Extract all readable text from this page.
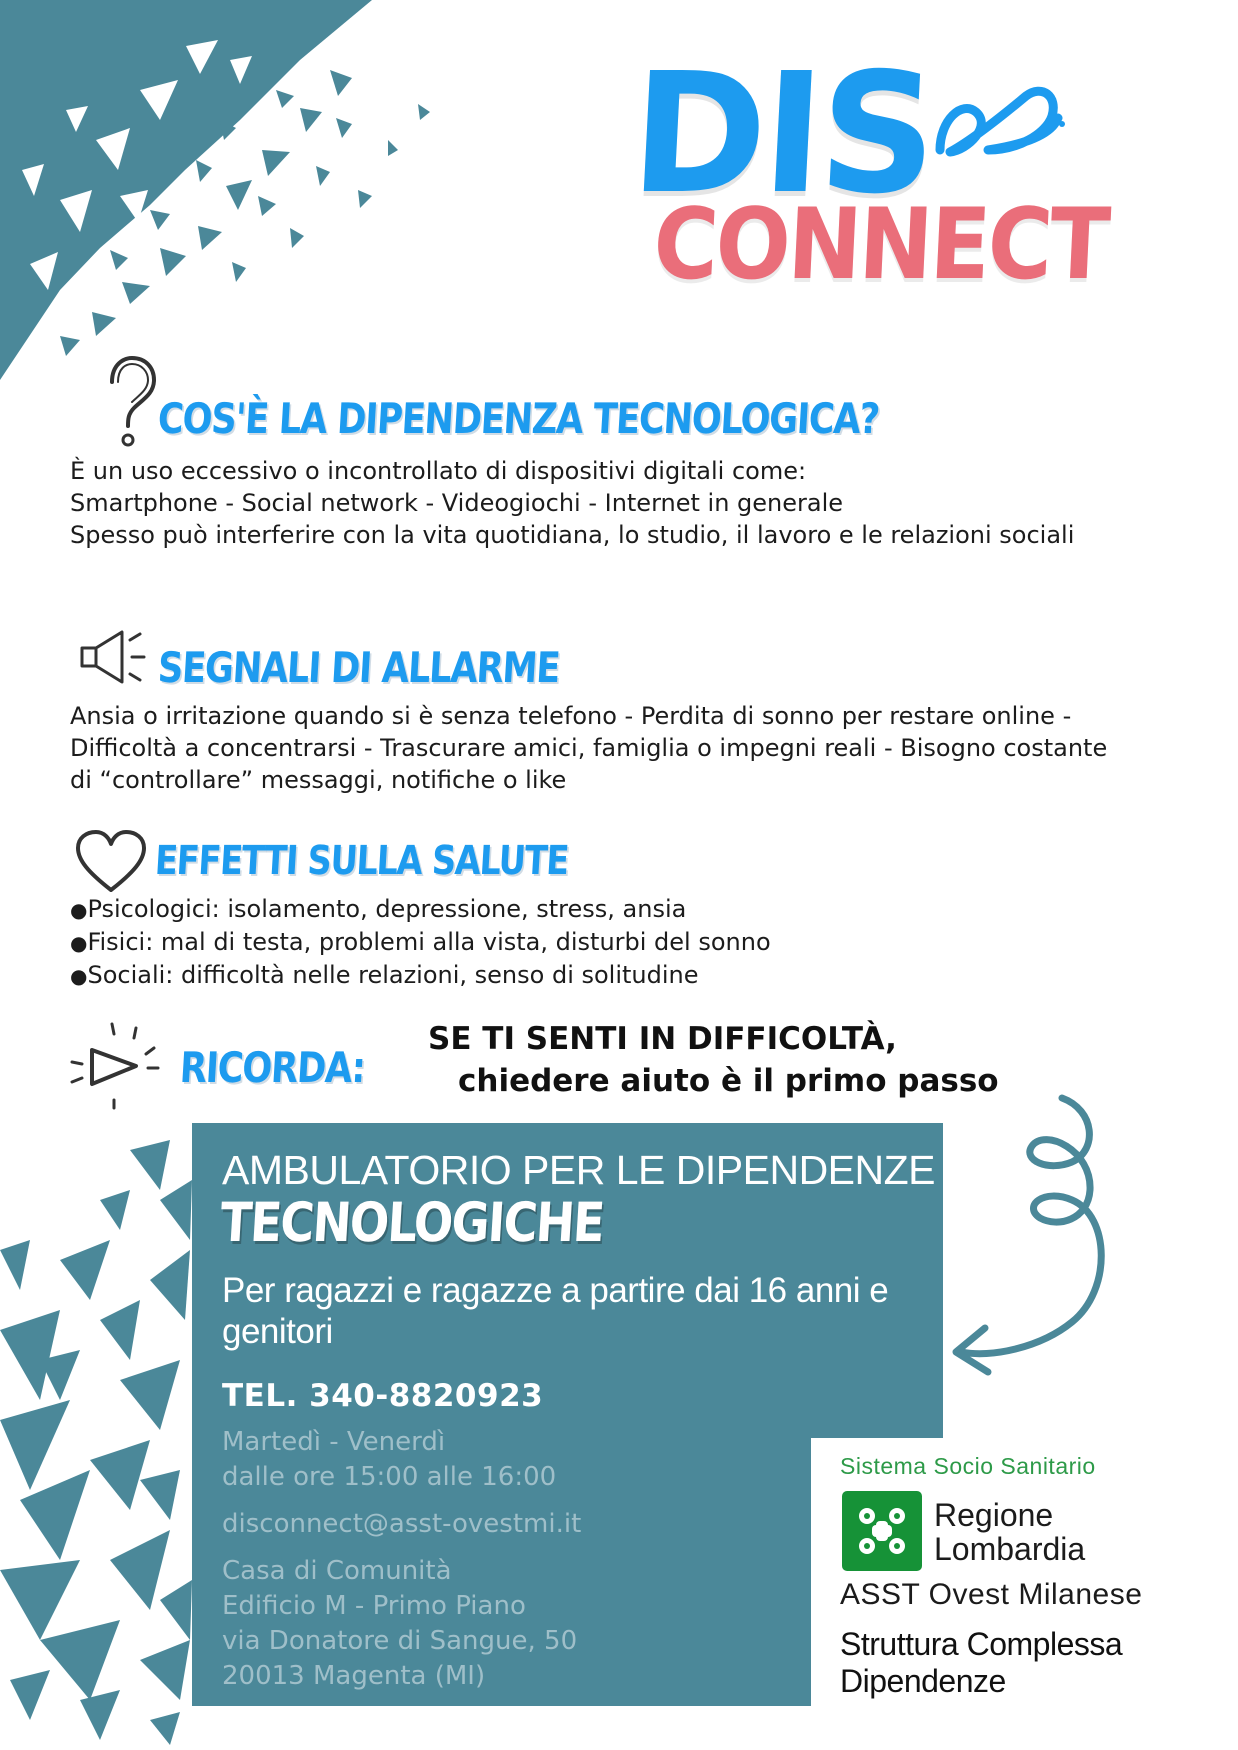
DIS
CONNECT
COS'È LA DIPENDENZA TECNOLOGICA?
È un uso eccessivo o incontrollato di dispositivi digitali come:
Smartphone - Social network - Videogiochi - Internet in generale
Spesso può interferire con la vita quotidiana, lo studio, il lavoro e le relazioni sociali
SEGNALI DI ALLARME

Ansia o irritazione quando si è senza telefono - Perdita di sonno per restare online - Difficoltà a concentrarsi - Trascurare amici, famiglia o impegni reali - Bisogno costante di “controllare” messaggi, notifiche o like

EFFETTI SULLA SALUTE
●Psicologici: isolamento, depressione, stress, ansia
●Fisici: mal di testa, problemi alla vista, disturbi del sonno
●Sociali: difficoltà nelle relazioni, senso di solitudine
RICORDA:
SE TI SENTI IN DIFFICOLTÀ,
chiedere aiuto è il primo passo
AMBULATORIO PER LE DIPENDENZE
TECNOLOGICHE
Per ragazzi e ragazze a partire dai 16 anni e genitori
TEL. 340-8820923
Martedì - Venerdì
dalle ore 15:00 alle 16:00
disconnect@asst-ovestmi.it
Casa di Comunità
Edificio M - Primo Piano
via Donatore di Sangue, 50
20013 Magenta (MI)
Sistema Socio Sanitario
Regione
Lombardia
ASST Ovest Milanese
Struttura Complessa
Dipendenze
